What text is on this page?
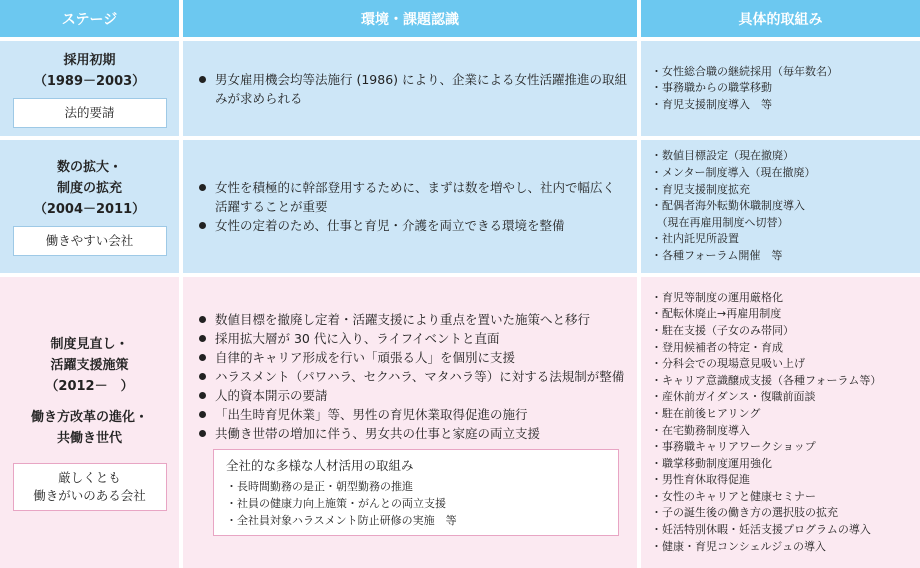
ステージ	環境・課題認識	具体的取組み
採用初期
（1989－2003）
法的要請
男女雇用機会均等法施行 (1986) により、企業による女性活躍推進の取組みが求められる
・ 女性総合職の継続採用（毎年数名）
・ 事務職からの職掌移動
・ 育児支援制度導入　等
数の拡大・
制度の拡充
（2004－2011）
働きやすい会社
女性を積極的に幹部登用するために、まずは数を増やし、社内で幅広く活躍することが重要
女性の定着のため、仕事と育児・介護を両立できる環境を整備
・ 数値目標設定（現在撤廃）
・ メンター制度導入（現在撤廃）
・ 育児支援制度拡充
・ 配偶者海外転勤休職制度導入
（現在再雇用制度へ切替）
・ 社内託児所設置
・ 各種フォーラム開催　等
制度見直し・
活躍支援施策
（2012－　）
働き方改革の進化・
共働き世代
厳しくとも
働きがいのある会社
数値目標を撤廃し定着・活躍支援により重点を置いた施策へと移行
採用拡大層が 30 代に入り、ライフイベントと直面
自律的キャリア形成を行い「頑張る人」を個別に支援
ハラスメント（パワハラ、セクハラ、マタハラ等）に対する法規制が整備
人的資本開示の要請
「出生時育児休業」等、男性の育児休業取得促進の施行
共働き世帯の増加に伴う、男女共の仕事と家庭の両立支援
全社的な多様な人材活用の取組み
・ 長時間勤務の是正・朝型勤務の推進
・ 社員の健康力向上施策・がんとの両立支援
・ 全社員対象ハラスメント防止研修の実施　等
・ 育児等制度の運用厳格化
・ 配転休廃止→再雇用制度
・ 駐在支援（子女のみ帯同）
・ 登用候補者の特定・育成
・ 分科会での現場意見吸い上げ
・ キャリア意識醸成支援（各種フォーラム等）
・ 産休前ガイダンス・復職前面談
・ 駐在前後ヒアリング
・ 在宅勤務制度導入
・ 事務職キャリアワークショップ
・ 職掌移動制度運用強化
・ 男性育休取得促進
・ 女性のキャリアと健康セミナー
・ 子の誕生後の働き方の選択肢の拡充
・ 妊活特別休暇・妊活支援プログラムの導入
・ 健康・育児コンシェルジュの導入
